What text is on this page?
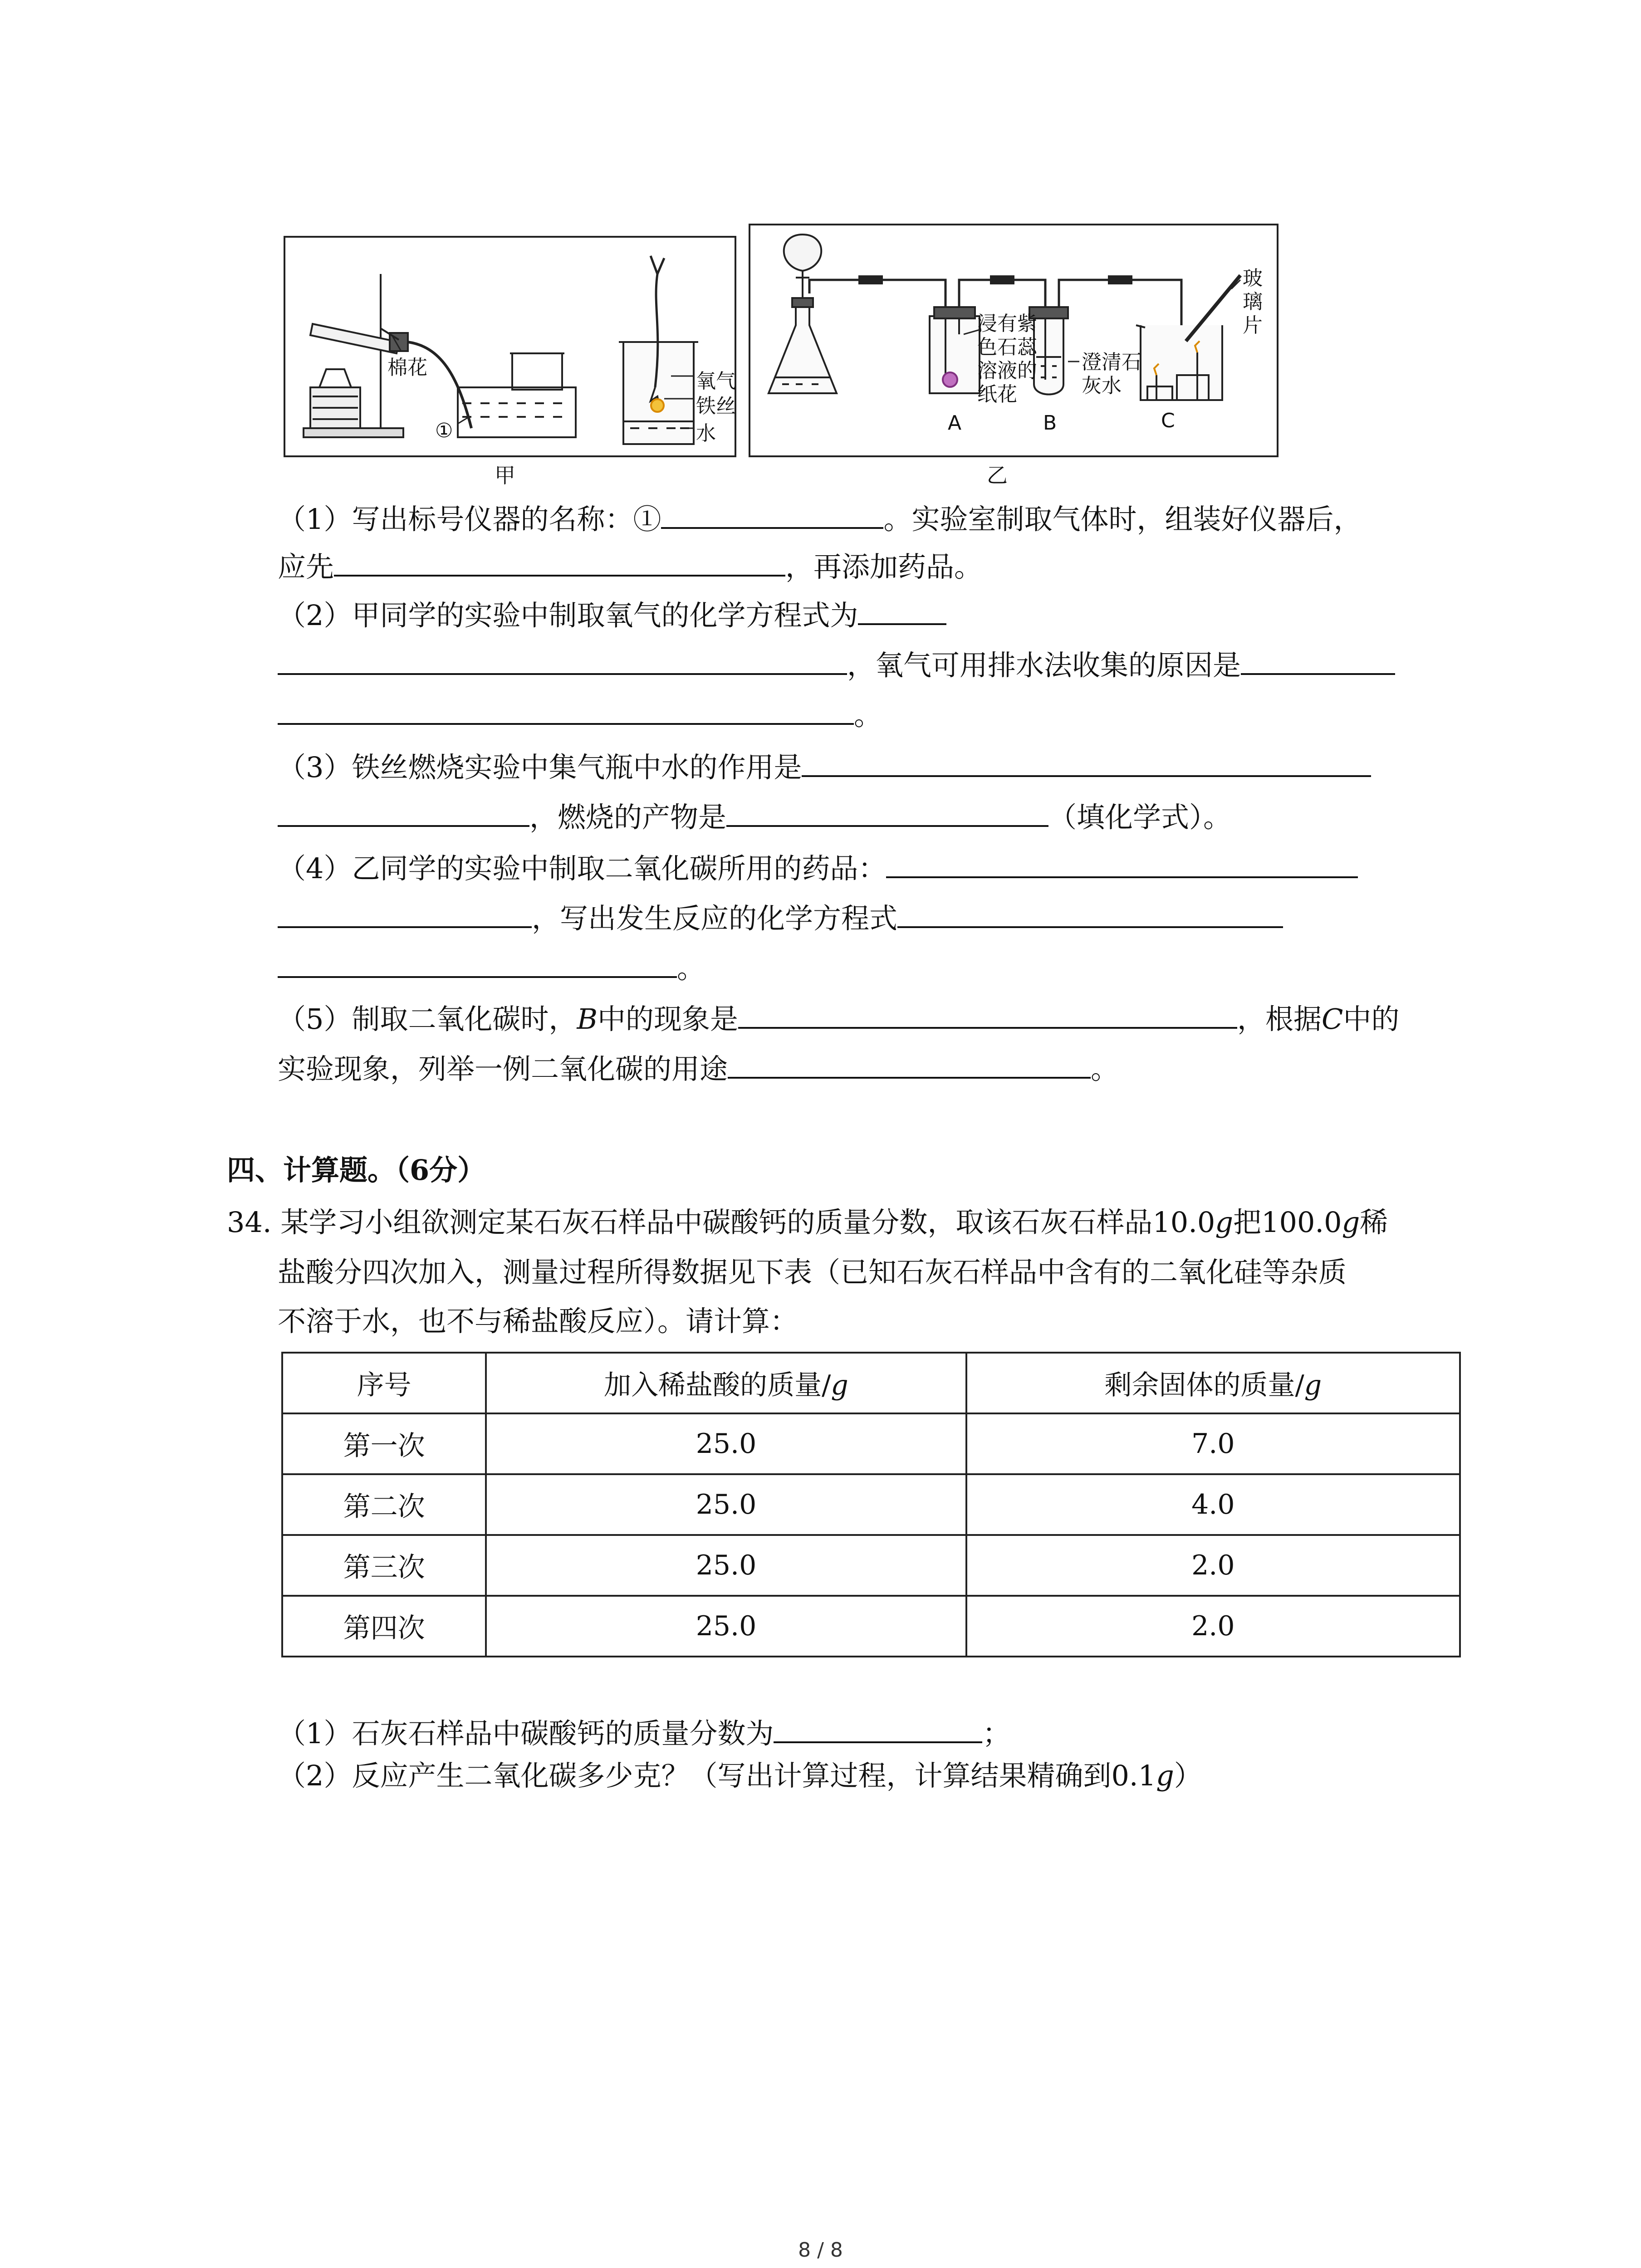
棉花
①
氧气
铁丝
水
甲
浸有紫
色石蕊
溶液的
纸花
澄清石
灰水
玻
璃
片
A	B	C
乙
（1）写出标号仪器的名称：①	。实验室制取气体时，组装好仪器后，
应先	，再添加药品。
（2）甲同学的实验中制取氧气的化学方程式为
，氧气可用排水法收集的原因是
。
（3）铁丝燃烧实验中集气瓶中水的作用是
，燃烧的产物是	（填化学式）。
（4）乙同学的实验中制取二氧化碳所用的药品：
，写出发生反应的化学方程式
。
（5）制取二氧化碳时，B中的现象是	，根据C中的
实验现象，列举一例二氧化碳的用途	。
四、计算题。（6分）
34. 某学习小组欲测定某石灰石样品中碳酸钙的质量分数，取该石灰石样品10.0g把100.0g稀
盐酸分四次加入，测量过程所得数据见下表（已知石灰石样品中含有的二氧化硅等杂质
不溶于水，也不与稀盐酸反应）。请计算：
序号	加入稀盐酸的质量/g	剩余固体的质量/g
第一次	25.0	7.0
第二次	25.0	4.0
第三次	25.0	2.0
第四次	25.0	2.0
（1）石灰石样品中碳酸钙的质量分数为	；
（2）反应产生二氧化碳多少克？（写出计算过程，计算结果精确到0.1g）
8 / 8
